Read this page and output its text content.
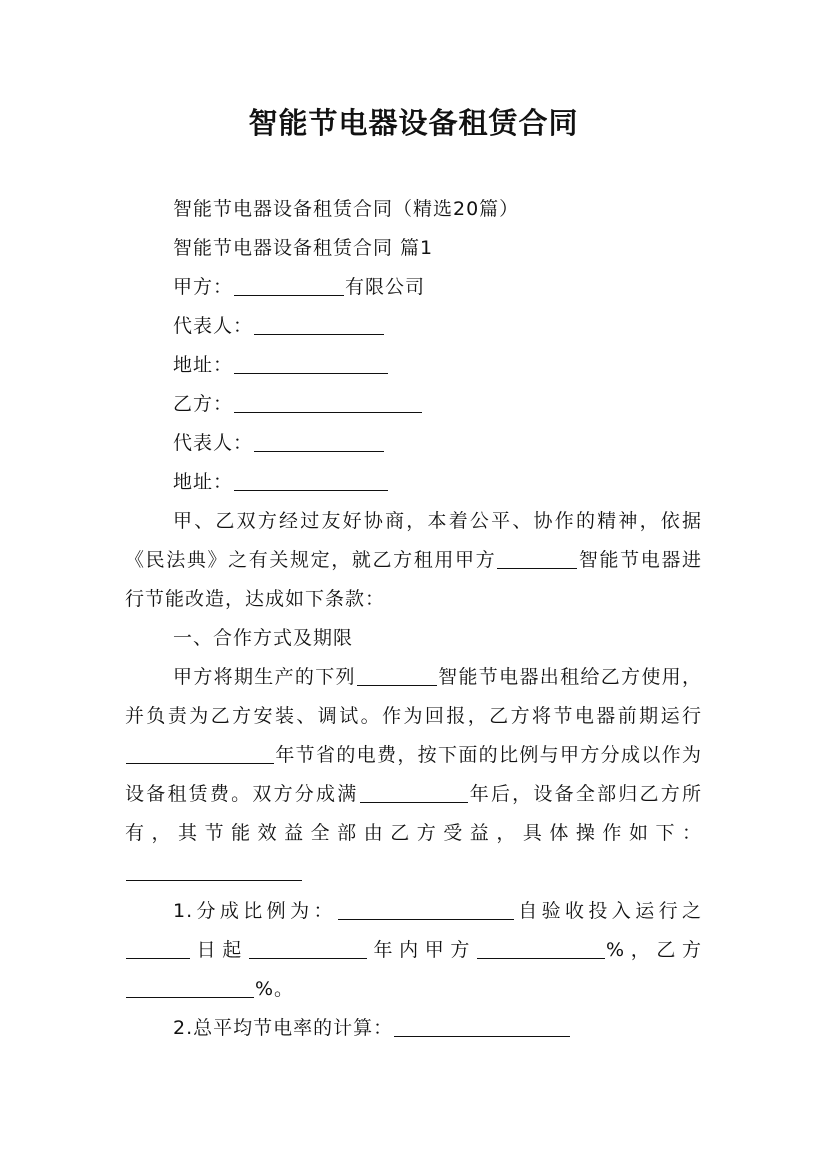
智能节电器设备租赁合同

智能节电器设备租赁合同（精选20篇）

智能节电器设备租赁合同 篇1

甲方：	有限公司

代表人：

地址：

乙方：

代表人：

地址：

甲、乙双方经过友好协商，本着公平、协作的精神，依据《民法典》之有关规定，就乙方租用甲方	智能节电器进行节能改造，达成如下条款：

一、合作方式及期限

甲方将期生产的下列	智能节电器出租给乙方使用，并负责为乙方安装、调试。作为回报，乙方将节电器前期运行年节省的电费，按下面的比例与甲方分成以作为设备租赁费。双方分成满	年后，设备全部归乙方所有，其节能效益全部由乙方受益，具体操作如下：

1.分成比例为：	自验收投入运行之日起	年内甲方	%，乙方%。

2.总平均节电率的计算：
